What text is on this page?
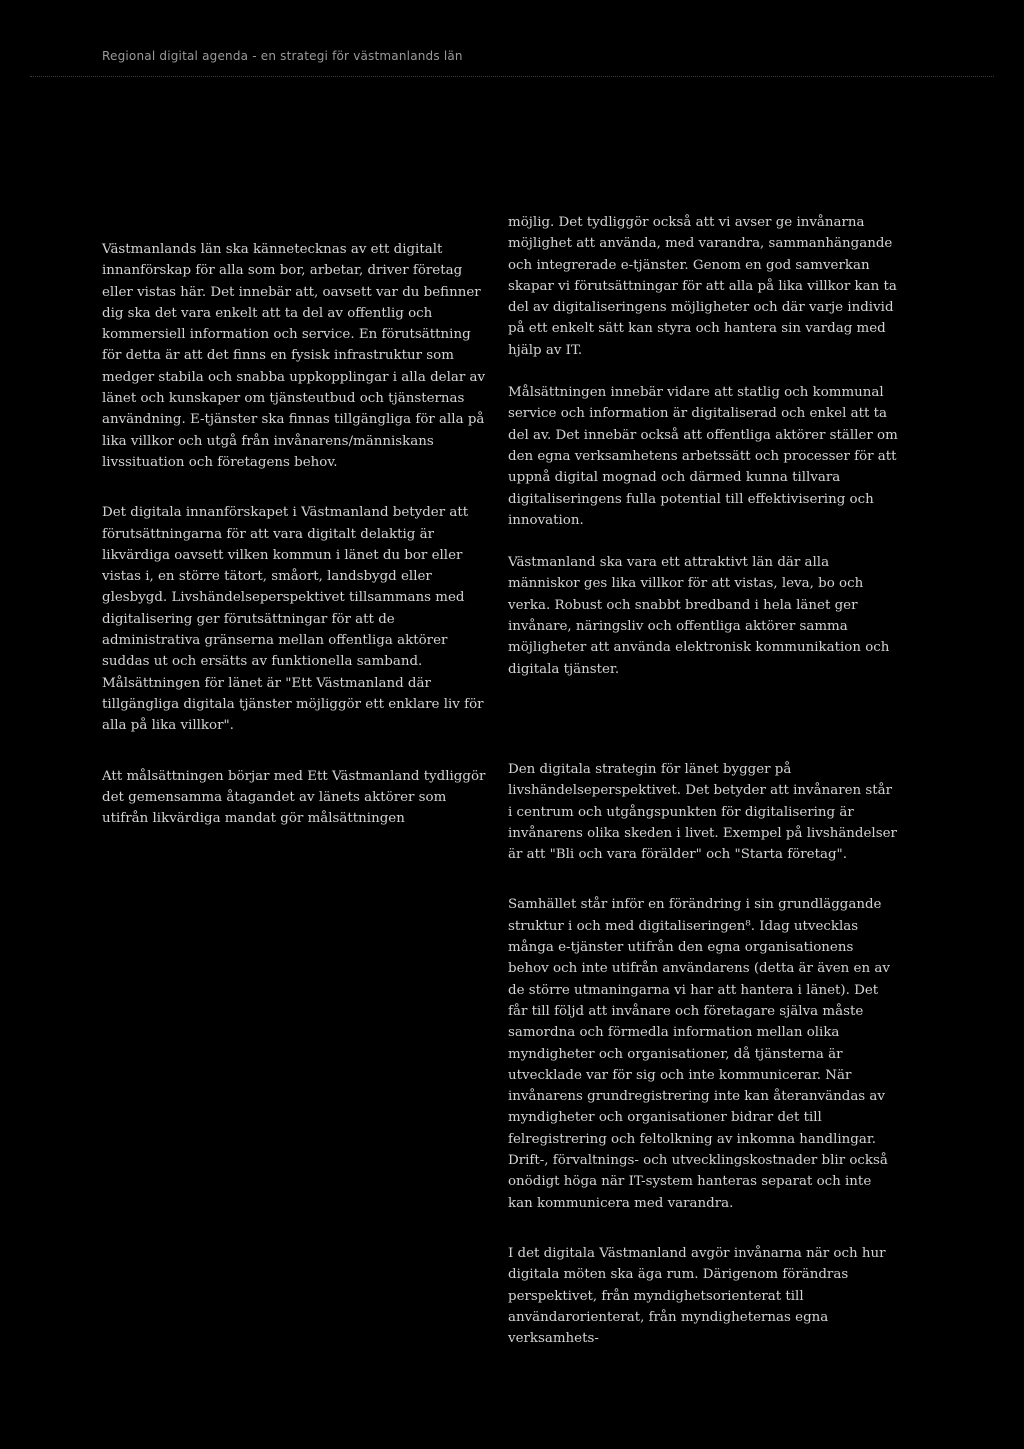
Regional digital agenda - en strategi för västmanlands län

Västmanlands län ska kännetecknas av ett digitalt innanförskap för alla som bor, arbetar, driver företag eller vistas här. Det innebär att, oavsett var du befinner dig ska det vara enkelt att ta del av offentlig och kommersiell information och service. En förutsättning för detta är att det finns en fysisk infrastruktur som medger stabila och snabba uppkopplingar i alla delar av länet och kunskaper om tjänsteutbud och tjänsternas användning. E-tjänster ska finnas tillgängliga för alla på lika villkor och utgå från invånarens/människans livssituation och företagens behov.

Det digitala innanförskapet i Västmanland betyder att förutsättningarna för att vara digitalt delaktig är likvärdiga oavsett vilken kommun i länet du bor eller vistas i, en större tätort, småort, landsbygd eller glesbygd. Livshändelseperspektivet tillsammans med digitalisering ger förutsättningar för att de administrativa gränserna mellan offentliga aktörer suddas ut och ersätts av funktionella samband. Målsättningen för länet är "Ett Västmanland där tillgängliga digitala tjänster möjliggör ett enklare liv för alla på lika villkor".

Att målsättningen börjar med Ett Västmanland tydliggör det gemensamma åtagandet av länets aktörer som utifrån likvärdiga mandat gör målsättningen

möjlig. Det tydliggör också att vi avser ge invånarna möjlighet att använda, med varandra, sammanhängande och integrerade e-tjänster. Genom en god samverkan skapar vi förutsättningar för att alla på lika villkor kan ta del av digitaliseringens möjligheter och där varje individ på ett enkelt sätt kan styra och hantera sin vardag med hjälp av IT.

Målsättningen innebär vidare att statlig och kommunal service och information är digitaliserad och enkel att ta del av. Det innebär också att offentliga aktörer ställer om den egna verksamhetens arbetssätt och processer för att uppnå digital mognad och därmed kunna tillvara digitaliseringens fulla potential till effektivisering och innovation.

Västmanland ska vara ett attraktivt län där alla människor ges lika villkor för att vistas, leva, bo och verka. Robust och snabbt bredband i hela länet ger invånare, näringsliv och offentliga aktörer samma möjligheter att använda elektronisk kommunikation och digitala tjänster.

Den digitala strategin för länet bygger på livshändelseperspektivet. Det betyder att invånaren står i centrum och utgångspunkten för digitalisering är invånarens olika skeden i livet. Exempel på livshändelser är att "Bli och vara förälder" och "Starta företag".

Samhället står inför en förändring i sin grundläggande struktur i och med digitaliseringen⁸. Idag utvecklas många e-tjänster utifrån den egna organisationens behov och inte utifrån användarens (detta är även en av de större utmaningarna vi har att hantera i länet). Det får till följd att invånare och företagare själva måste samordna och förmedla information mellan olika myndigheter och organisationer, då tjänsterna är utvecklade var för sig och inte kommunicerar. När invånarens grundregistrering inte kan återanvändas av myndigheter och organisationer bidrar det till felregistrering och feltolkning av inkomna handlingar. Drift-, förvaltnings- och utvecklingskostnader blir också onödigt höga när IT-system hanteras separat och inte kan kommunicera med varandra.

I det digitala Västmanland avgör invånarna när och hur digitala möten ska äga rum. Därigenom förändras perspektivet, från myndighetsorienterat till användarorienterat, från myndigheternas egna verksamhets-
